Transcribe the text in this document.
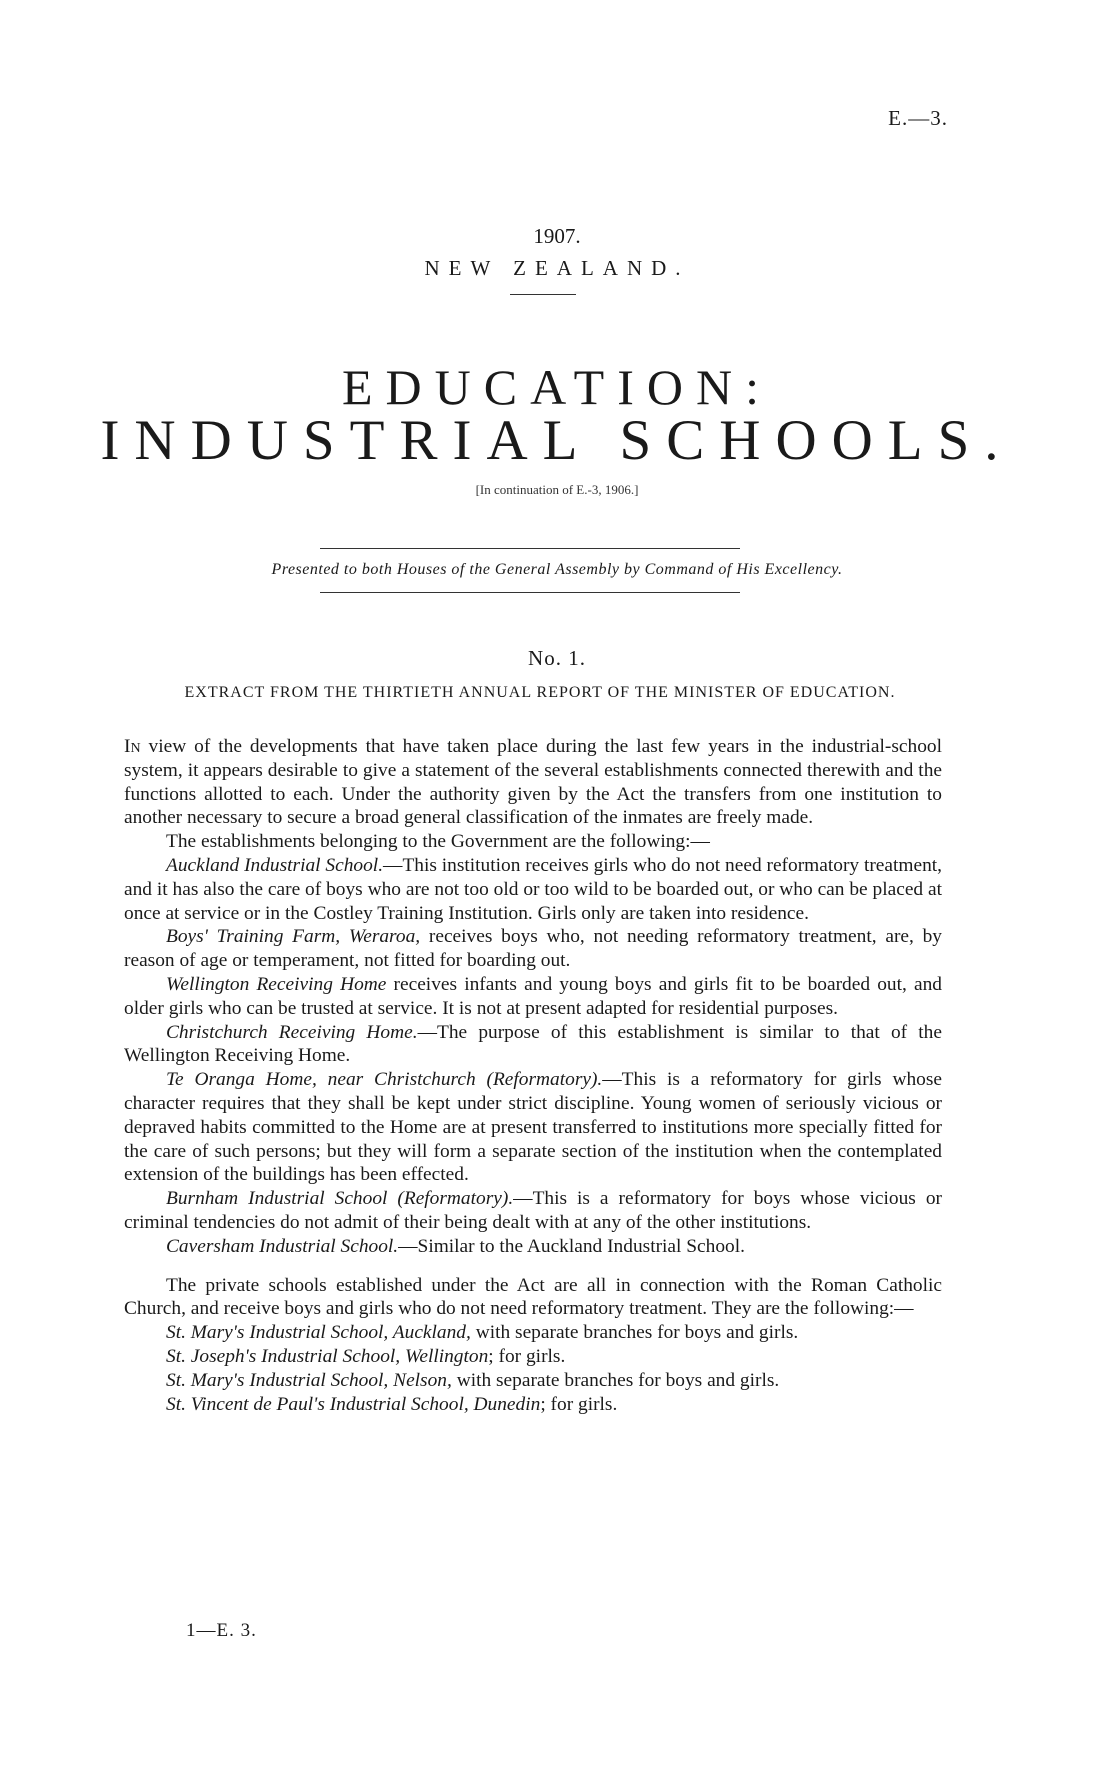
E.—3.
1907.
NEW ZEALAND.
EDUCATION:
INDUSTRIAL SCHOOLS.
[In continuation of E.-3, 1906.]
Presented to both Houses of the General Assembly by Command of His Excellency.
No. 1.
EXTRACT FROM THE THIRTIETH ANNUAL REPORT OF THE MINISTER OF EDUCATION.

In view of the developments that have taken place during the last few years in the industrial-school system, it appears desirable to give a statement of the several establishments connected therewith and the functions allotted to each. Under the authority given by the Act the transfers from one institution to another necessary to secure a broad general classification of the inmates are freely made.

The establishments belonging to the Government are the following:—

Auckland Industrial School.—This institution receives girls who do not need reformatory treatment, and it has also the care of boys who are not too old or too wild to be boarded out, or who can be placed at once at service or in the Costley Training Institution. Girls only are taken into residence.

Boys' Training Farm, Weraroa, receives boys who, not needing reformatory treatment, are, by reason of age or temperament, not fitted for boarding out.

Wellington Receiving Home receives infants and young boys and girls fit to be boarded out, and older girls who can be trusted at service. It is not at present adapted for residential purposes.

Christchurch Receiving Home.—The purpose of this establishment is similar to that of the Wellington Receiving Home.

Te Oranga Home, near Christchurch (Reformatory).—This is a reformatory for girls whose character requires that they shall be kept under strict discipline. Young women of seriously vicious or depraved habits committed to the Home are at present transferred to institutions more specially fitted for the care of such persons; but they will form a separate section of the institution when the contemplated extension of the buildings has been effected.

Burnham Industrial School (Reformatory).—This is a reformatory for boys whose vicious or criminal tendencies do not admit of their being dealt with at any of the other institutions.

Caversham Industrial School.—Similar to the Auckland Industrial School.

The private schools established under the Act are all in connection with the Roman Catholic Church, and receive boys and girls who do not need reformatory treatment. They are the following:—

St. Mary's Industrial School, Auckland, with separate branches for boys and girls.

St. Joseph's Industrial School, Wellington; for girls.

St. Mary's Industrial School, Nelson, with separate branches for boys and girls.

St. Vincent de Paul's Industrial School, Dunedin; for girls.

1—E. 3.
